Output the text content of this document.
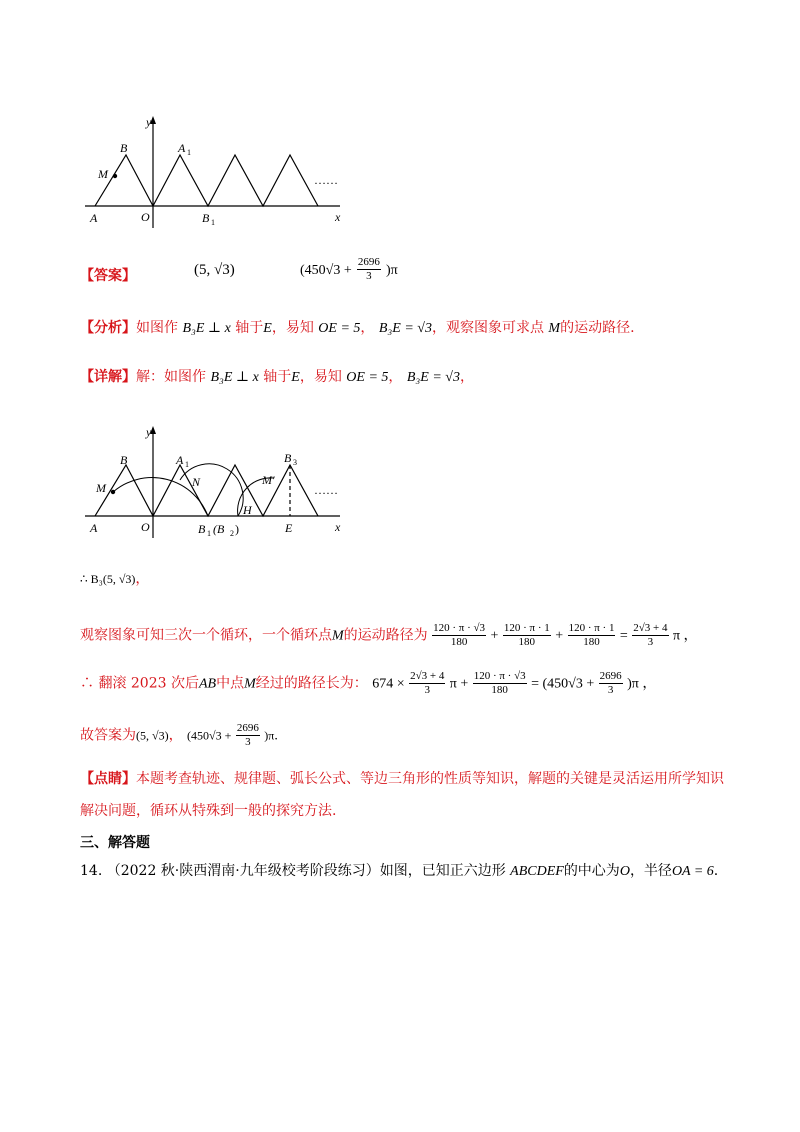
y
B	A 1
M
A	O	B 1	x
……
【答案】	(5, √3)	$(450√3 + \frac{2696}{3} )\pi$
【分析】如图作 B₃E ⊥ x 轴于E，易知 OE = 5， B₃E = √3，观察图象可求点 M的运动路径.
【详解】解：如图作 B₃E ⊥ x 轴于E，易知 OE = 5， B₃E = √3，
y
B	A 1
N	M′
B 3
M
A	O	B 1 (B 2 )
H
E	x
……
∴ B₃(5, √3)，
观察图象可知三次一个循环，一个循环点M的运动路径为 $\frac{120 \cdot \pi \cdot √3}{180} + \frac{120 \cdot \pi \cdot 1}{180} + \frac{120 \cdot \pi \cdot 1}{180} = \frac{2√3 + 4}{3}$ π ，
∴ 翻滚 2023 次后AB中点M经过的路径长为： $674 \times \frac{2√3 + 4}{3}$ $\pi + \frac{120 \cdot \pi \cdot √3}{180} = (450√3 + \frac{2696}{3} )\pi$ ，
故答案为(5, √3)， $(450√3 + \frac{2696}{3} )\pi$.
【点睛】本题考查轨迹、规律题、弧长公式、等边三角形的性质等知识，解题的关键是灵活运用所学知识
解决问题，循环从特殊到一般的探究方法.
三、解答题
14. （2022 秋·陕西渭南·九年级校考阶段练习）如图，已知正六边形 ABCDEF的中心为O，半径OA = 6.
